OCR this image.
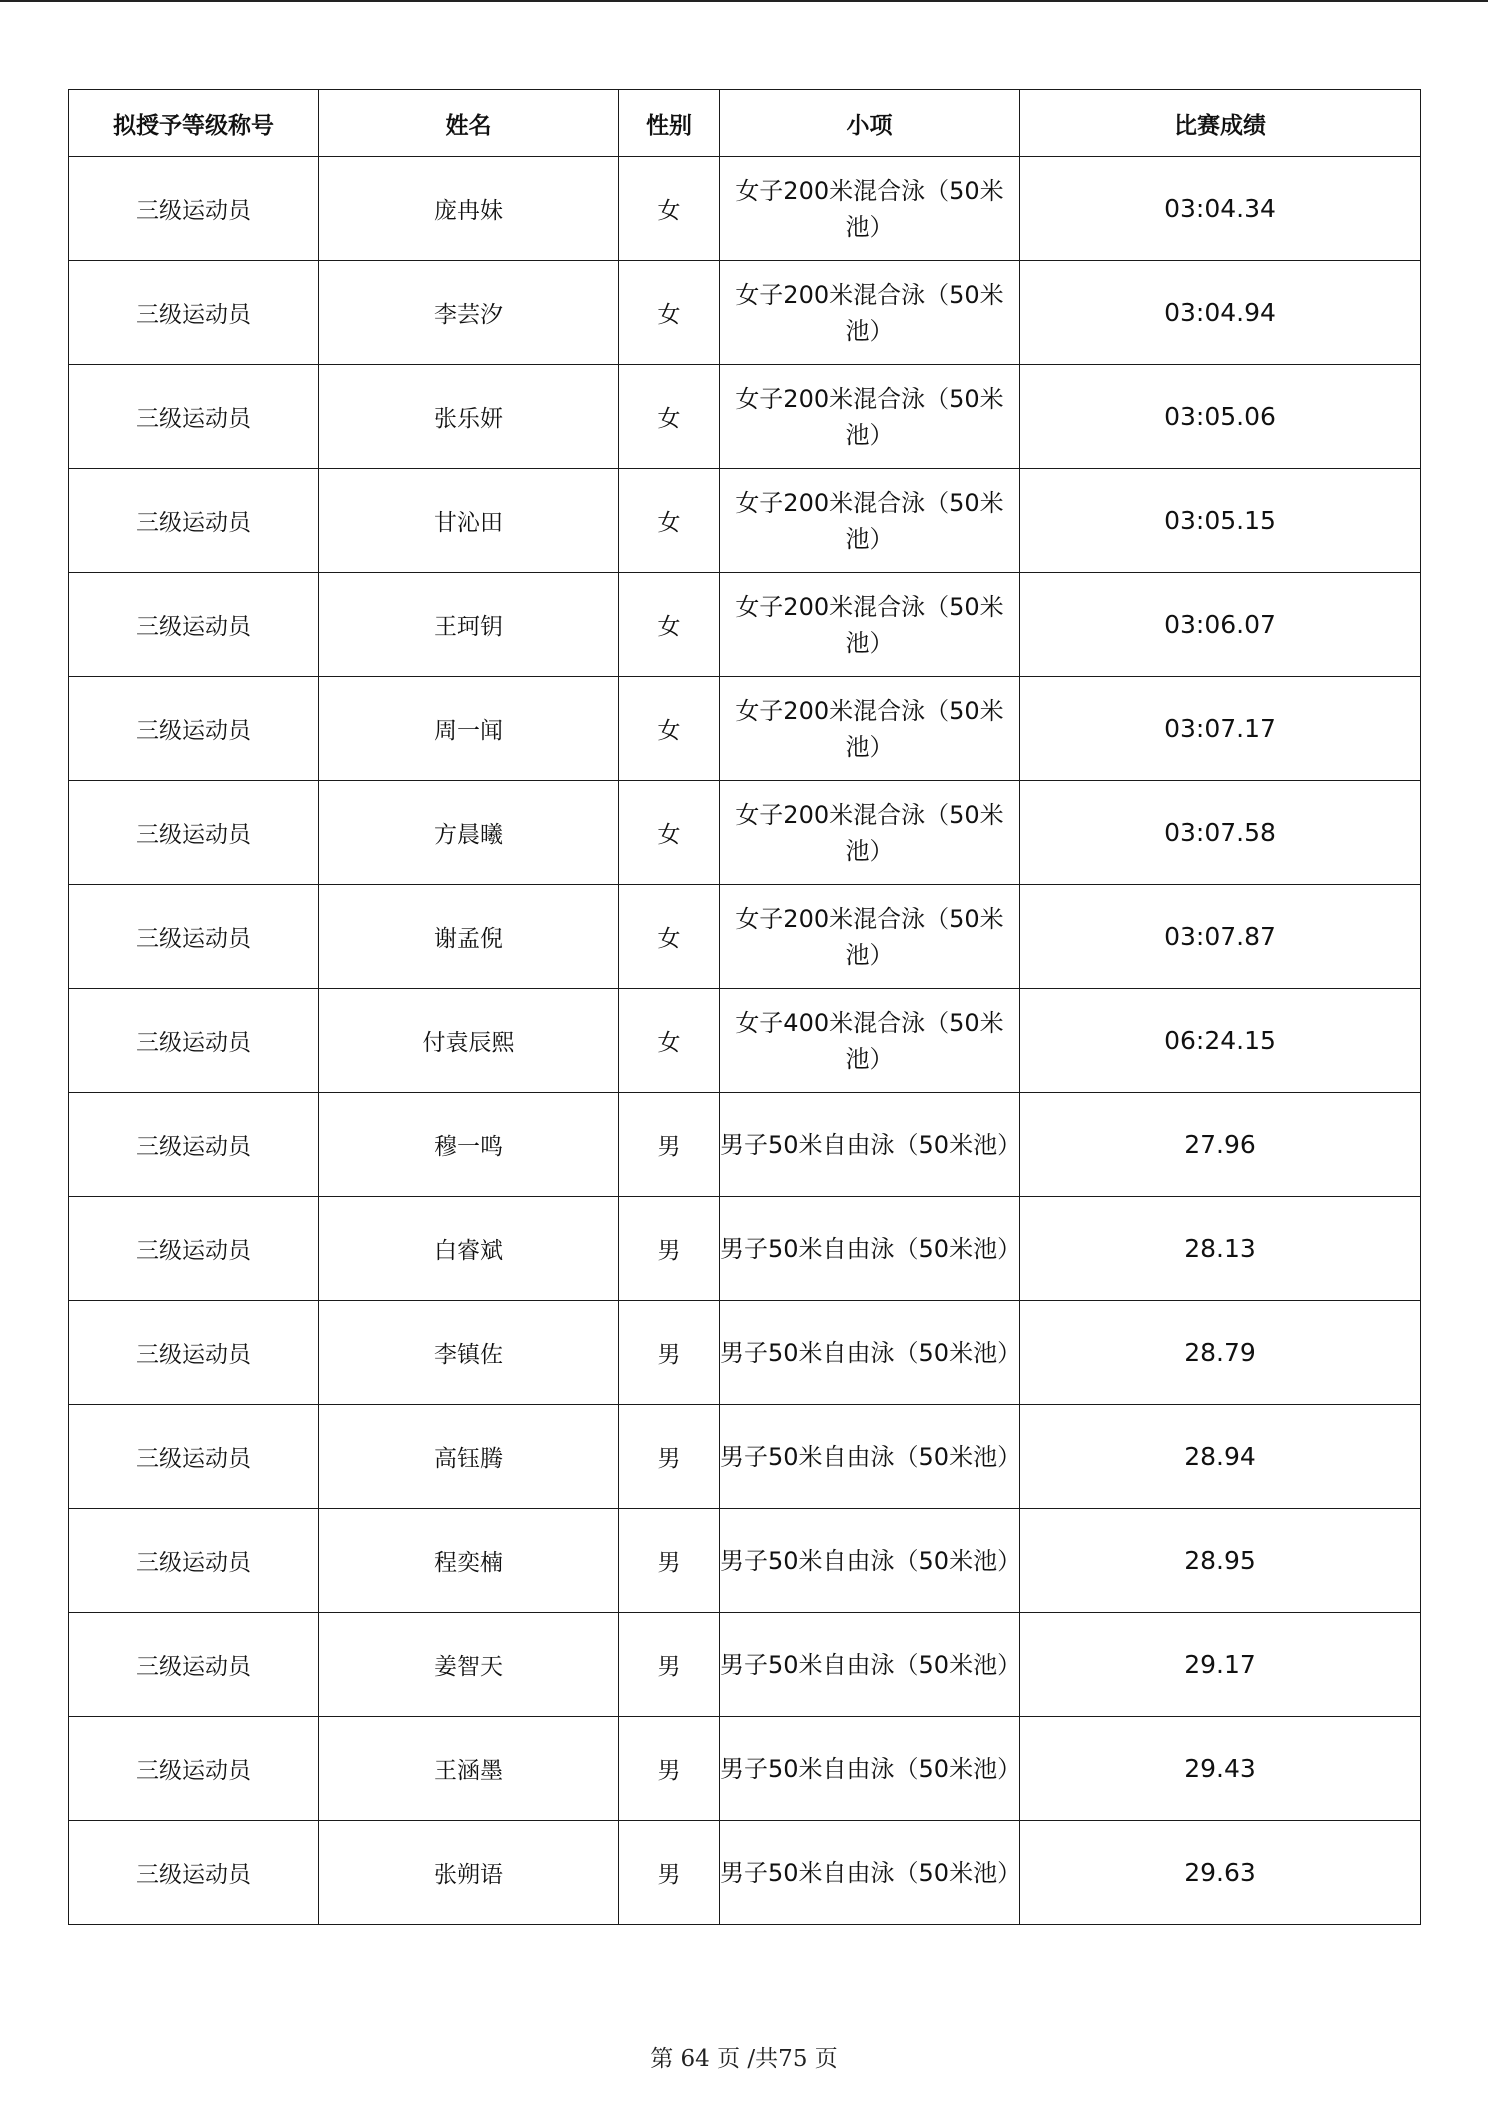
拟授予等级称号	姓名	性别	小项	比赛成绩
三级运动员	庞冉妹	女	女子200米混合泳（50米池）	03:04.34
三级运动员	李芸汐	女	女子200米混合泳（50米池）	03:04.94
三级运动员	张乐妍	女	女子200米混合泳（50米池）	03:05.06
三级运动员	甘沁田	女	女子200米混合泳（50米池）	03:05.15
三级运动员	王珂钥	女	女子200米混合泳（50米池）	03:06.07
三级运动员	周一闻	女	女子200米混合泳（50米池）	03:07.17
三级运动员	方晨曦	女	女子200米混合泳（50米池）	03:07.58
三级运动员	谢孟倪	女	女子200米混合泳（50米池）	03:07.87
三级运动员	付袁辰熙	女	女子400米混合泳（50米池）	06:24.15
三级运动员	穆一鸣	男	男子50米自由泳（50米池）	27.96
三级运动员	白睿斌	男	男子50米自由泳（50米池）	28.13
三级运动员	李镇佐	男	男子50米自由泳（50米池）	28.79
三级运动员	高钰腾	男	男子50米自由泳（50米池）	28.94
三级运动员	程奕楠	男	男子50米自由泳（50米池）	28.95
三级运动员	姜智天	男	男子50米自由泳（50米池）	29.17
三级运动员	王涵墨	男	男子50米自由泳（50米池）	29.43
三级运动员	张朔语	男	男子50米自由泳（50米池）	29.63
第 64 页 /共75 页
